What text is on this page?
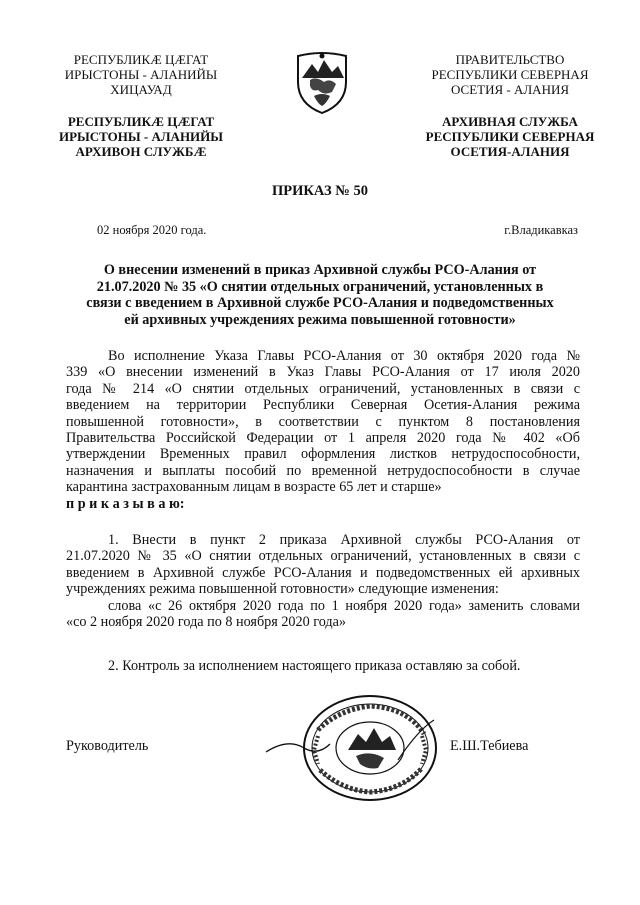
РЕСПУБЛИКӔ ЦӔГАТ
ИРЫСТОНЫ - АЛАНИЙЫ
ХИЦАУАД
РЕСПУБЛИКӔ ЦӔГАТ
ИРЫСТОНЫ - АЛАНИЙЫ
АРХИВОН СЛУЖБӔ
ПРАВИТЕЛЬСТВО
РЕСПУБЛИКИ СЕВЕРНАЯ
ОСЕТИЯ - АЛАНИЯ
АРХИВНАЯ СЛУЖБА
РЕСПУБЛИКИ СЕВЕРНАЯ
ОСЕТИЯ-АЛАНИЯ
ПРИКАЗ № 50
02 ноября 2020 года.	г.Владикавказ
О внесении изменений в приказ Архивной службы РСО-Алания от
21.07.2020 № 35 «О снятии отдельных ограничений, установленных в
связи с введением в Архивной службе РСО-Алания и подведомственных
ей архивных учреждениях режима повышенной готовности»
Во исполнение Указа Главы РСО-Алания от 30 октября 2020 года №
339 «О внесении изменений в Указ Главы РСО-Алания от 17 июля 2020
года № 214 «О снятии отдельных ограничений, установленных в связи с
введением на территории Республики Северная Осетия-Алания режима
повышенной готовности», в соответствии с пунктом 8 постановления
Правительства Российской Федерации от 1 апреля 2020 года № 402 «Об
утверждении Временных правил оформления листков нетрудоспособности,
назначения и выплаты пособий по временной нетрудоспособности в случае
карантина застрахованным лицам в возрасте 65 лет и старше»
п р и к а з ы в а ю:
1. Внести в пункт 2 приказа Архивной службы РСО-Алания от
21.07.2020 № 35 «О снятии отдельных ограничений, установленных в связи с
введением в Архивной службе РСО-Алания и подведомственных ей архивных
учреждениях режима повышенной готовности» следующие изменения:
слова «с 26 октября 2020 года по 1 ноября 2020 года» заменить словами
«со 2 ноября 2020 года по 8 ноября 2020 года»
2. Контроль за исполнением настоящего приказа оставляю за собой.
Руководитель	Е.Ш.Тебиева
